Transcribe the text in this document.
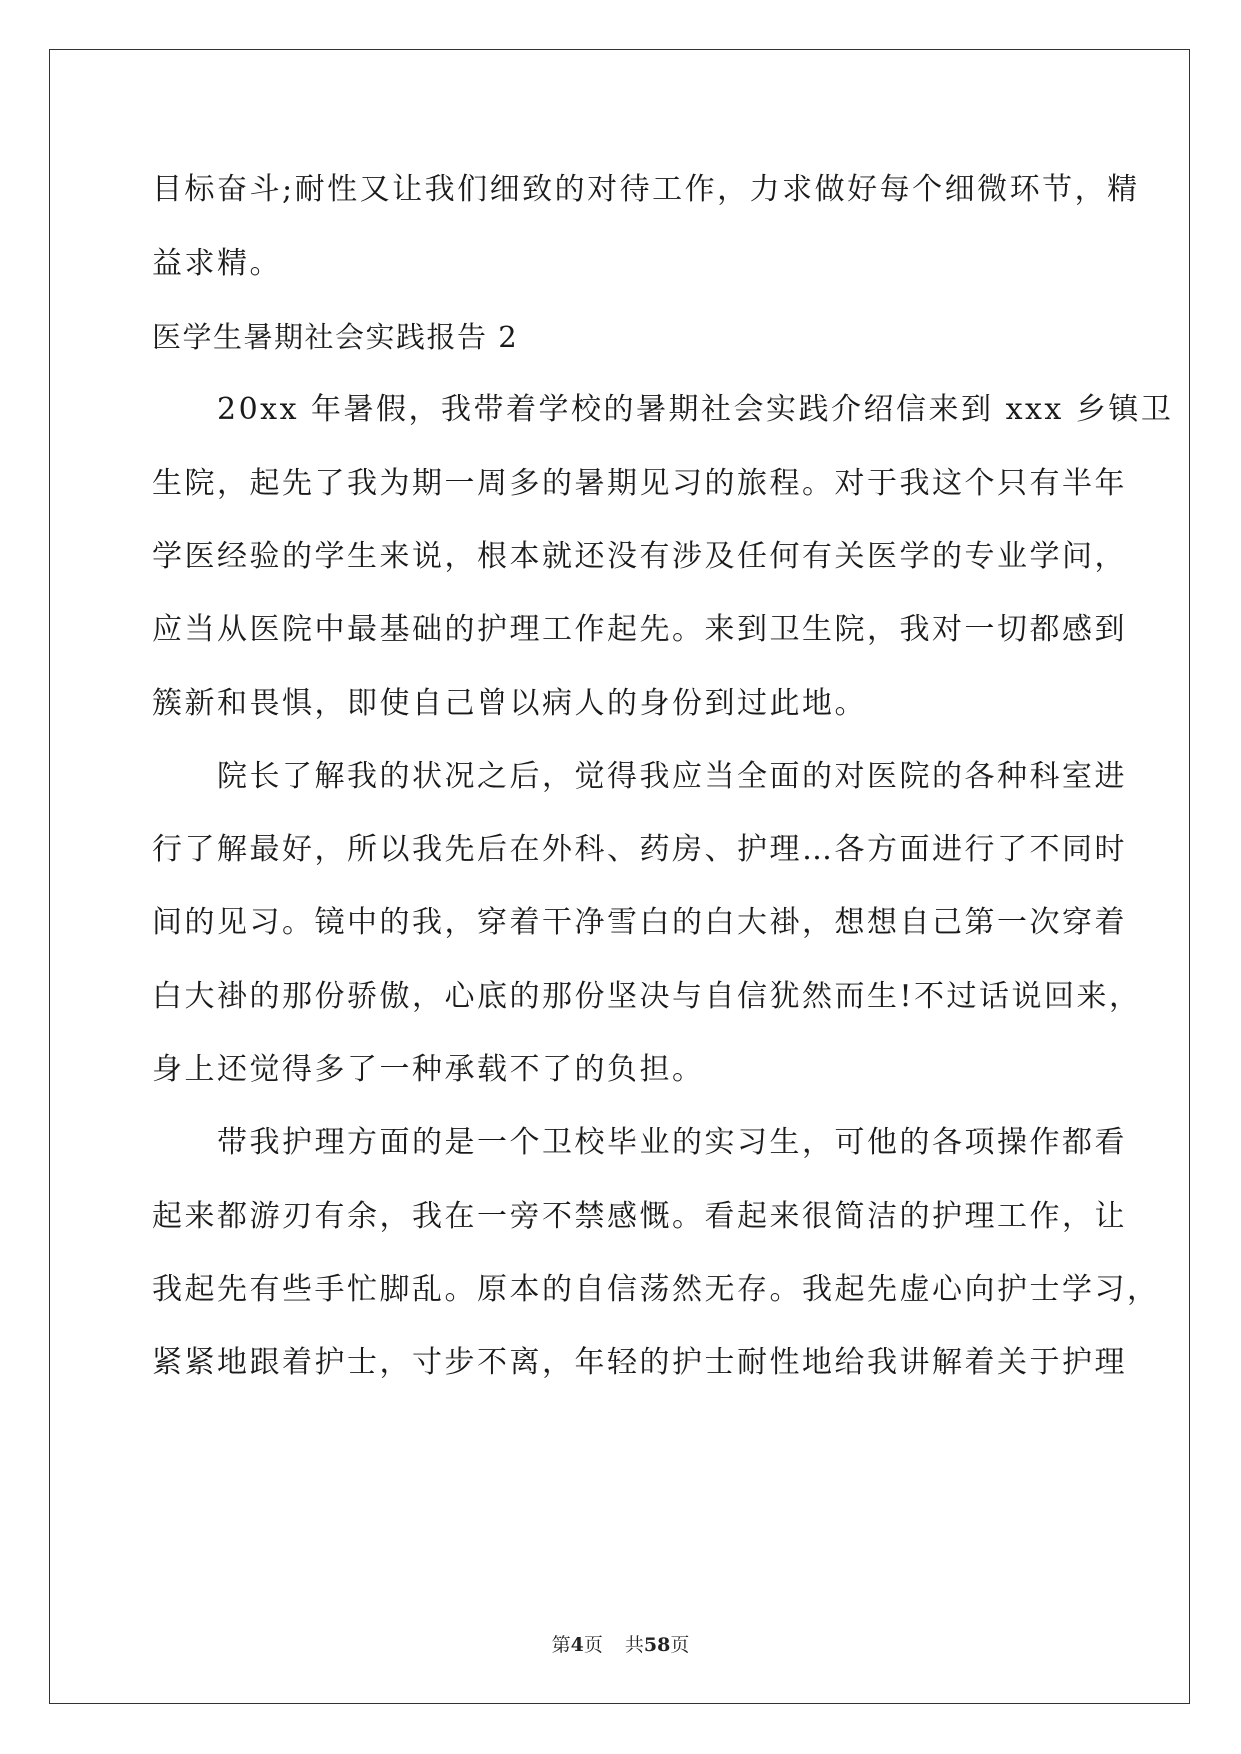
目标奋斗;耐性又让我们细致的对待工作，力求做好每个细微环节，精
益求精。
医学生暑期社会实践报告 2
　　20xx 年暑假，我带着学校的暑期社会实践介绍信来到 xxx 乡镇卫
生院，起先了我为期一周多的暑期见习的旅程。对于我这个只有半年
学医经验的学生来说，根本就还没有涉及任何有关医学的专业学问，
应当从医院中最基础的护理工作起先。来到卫生院，我对一切都感到
簇新和畏惧，即使自己曾以病人的身份到过此地。
　　院长了解我的状况之后，觉得我应当全面的对医院的各种科室进
行了解最好，所以我先后在外科、药房、护理…各方面进行了不同时
间的见习。镜中的我，穿着干净雪白的白大褂，想想自己第一次穿着
白大褂的那份骄傲，心底的那份坚决与自信犹然而生!不过话说回来，
身上还觉得多了一种承载不了的负担。
　　带我护理方面的是一个卫校毕业的实习生，可他的各项操作都看
起来都游刃有余，我在一旁不禁感慨。看起来很简洁的护理工作，让
我起先有些手忙脚乱。原本的自信荡然无存。我起先虚心向护士学习，
紧紧地跟着护士，寸步不离，年轻的护士耐性地给我讲解着关于护理
第4页 共58页
